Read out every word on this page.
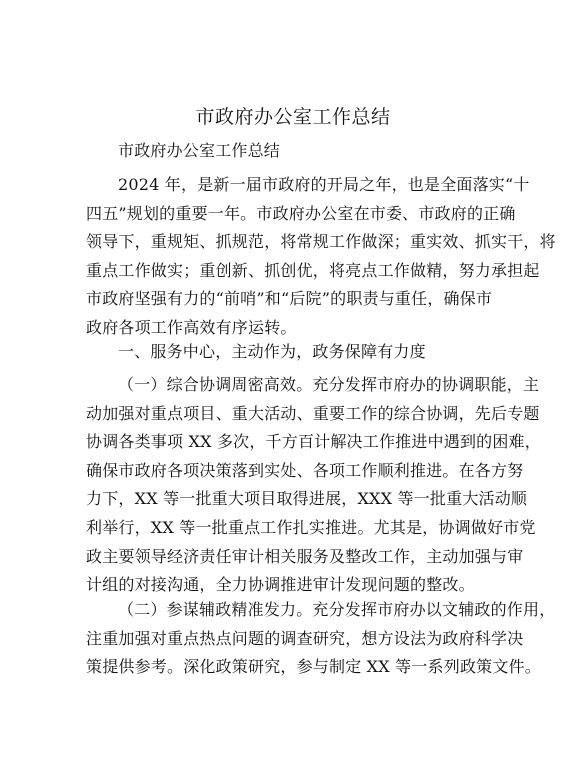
市政府办公室工作总结
市政府办公室工作总结
2024 年，是新一届市政府的开局之年，也是全面落实“十
四五”规划的重要一年。市政府办公室在市委、市政府的正确
领导下，重规矩、抓规范，将常规工作做深；重实效、抓实干，将
重点工作做实；重创新、抓创优，将亮点工作做精，努力承担起
市政府坚强有力的“前哨”和“后院”的职责与重任，确保市
政府各项工作高效有序运转。
一、服务中心，主动作为，政务保障有力度
（一）综合协调周密高效。充分发挥市府办的协调职能，主
动加强对重点项目、重大活动、重要工作的综合协调，先后专题
协调各类事项 XX 多次，千方百计解决工作推进中遇到的困难，
确保市政府各项决策落到实处、各项工作顺利推进。在各方努
力下，XX 等一批重大项目取得进展，XXX 等一批重大活动顺
利举行，XX 等一批重点工作扎实推进。尤其是，协调做好市党
政主要领导经济责任审计相关服务及整改工作，主动加强与审
计组的对接沟通，全力协调推进审计发现问题的整改。
（二）参谋辅政精准发力。充分发挥市府办以文辅政的作用，
注重加强对重点热点问题的调查研究，想方设法为政府科学决
策提供参考。深化政策研究，参与制定 XX 等一系列政策文件。
